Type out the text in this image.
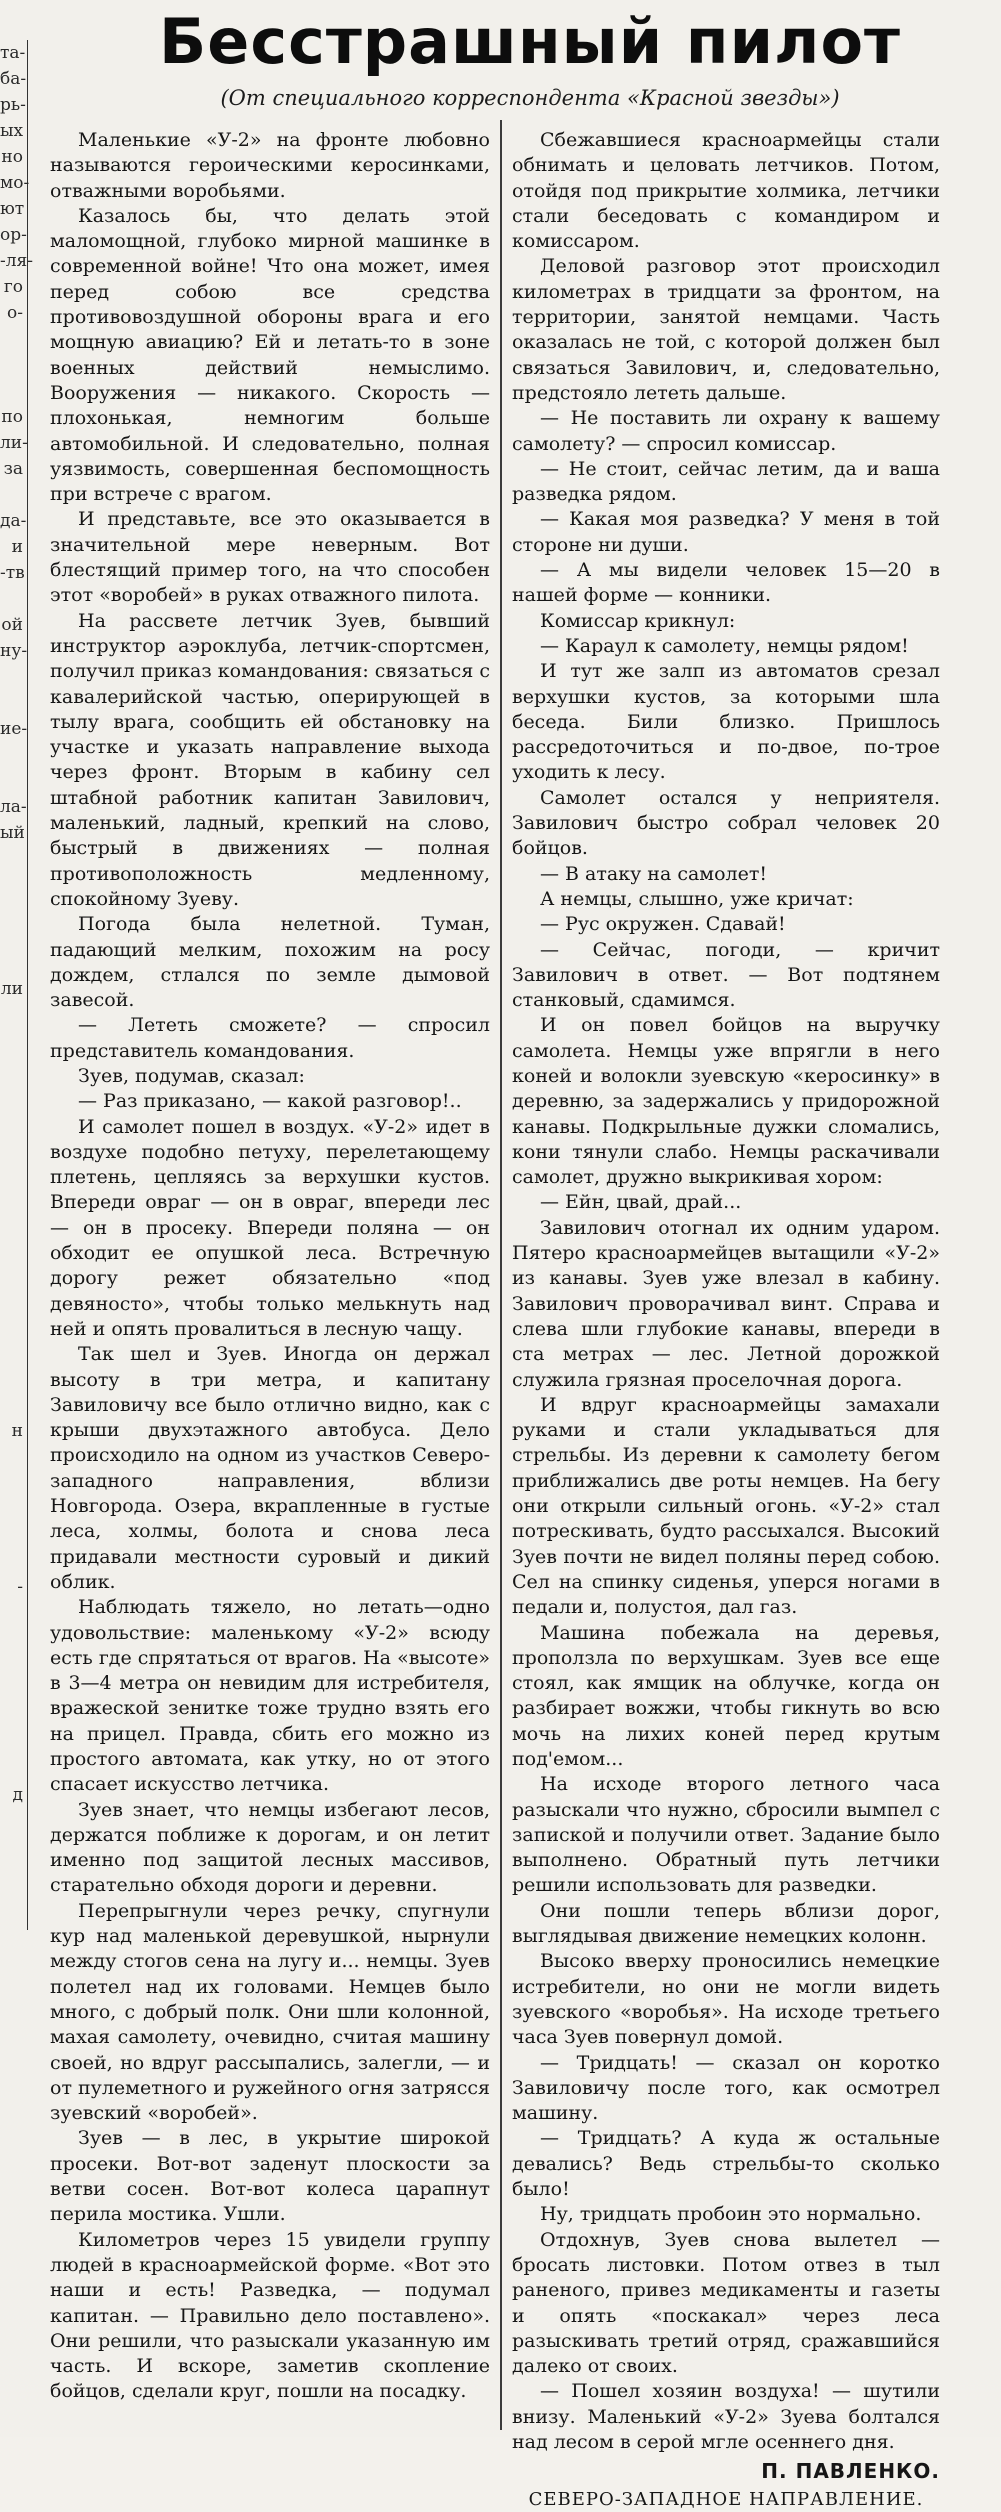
та-
ба-
рь-
ых
но
мо-
ют
ор-
-ля-
го
о-

по
ли-
за

да-
и
-тв

ой
ну-

ие-

ла-
ый

ли

н

-

д
Бесстрашный пилот
(От специального корреспондента «Красной звезды»)

Маленькие «У-2» на фронте любовно называются героическими керосинками, отважными воробьями.

Казалось бы, что делать этой маломощной, глубоко мирной машинке в современной войне! Что она может, имея перед собою все средства противовоздушной обороны врага и его мощную авиацию? Ей и летать-то в зоне военных действий немыслимо. Вооружения — никакого. Скорость — плохонькая, немногим больше автомобильной. И следовательно, полная уязвимость, совершенная беспомощность при встрече с врагом.

И представьте, все это оказывается в значительной мере неверным. Вот блестящий пример того, на что способен этот «воробей» в руках отважного пилота.

На рассвете летчик Зуев, бывший инструктор аэроклуба, летчик-спортсмен, получил приказ командования: связаться с кавалерийской частью, оперирующей в тылу врага, сообщить ей обстановку на участке и указать направление выхода через фронт. Вторым в кабину сел штабной работник капитан Завилович, маленький, ладный, крепкий на слово, быстрый в движениях — полная противоположность медленному, спокойному Зуеву.

Погода была нелетной. Туман, падающий мелким, похожим на росу дождем, стлался по земле дымовой завесой.

— Лететь сможете? — спросил представитель командования.

Зуев, подумав, сказал:

— Раз приказано, — какой разговор!..

И самолет пошел в воздух. «У-2» идет в воздухе подобно петуху, перелетающему плетень, цепляясь за верхушки кустов. Впереди овраг — он в овраг, впереди лес — он в просеку. Впереди поляна — он обходит ее опушкой леса. Встречную дорогу режет обязательно «под девяносто», чтобы только мелькнуть над ней и опять провалиться в лесную чащу.

Так шел и Зуев. Иногда он держал высоту в три метра, и капитану Завиловичу все было отлично видно, как с крыши двухэтажного автобуса. Дело происходило на одном из участков Северо-западного направления, вблизи Новгорода. Озера, вкрапленные в густые леса, холмы, болота и снова леса придавали местности суровый и дикий облик.

Наблюдать тяжело, но летать—одно удовольствие: маленькому «У-2» всюду есть где спрятаться от врагов. На «высоте» в 3—4 метра он невидим для истребителя, вражеской зенитке тоже трудно взять его на прицел. Правда, сбить его можно из простого автомата, как утку, но от этого спасает искусство летчика.

Зуев знает, что немцы избегают лесов, держатся поближе к дорогам, и он летит именно под защитой лесных массивов, старательно обходя дороги и деревни.

Перепрыгнули через речку, спугнули кур над маленькой деревушкой, нырнули между стогов сена на лугу и... немцы. Зуев полетел над их головами. Немцев было много, с добрый полк. Они шли колонной, махая самолету, очевидно, считая машину своей, но вдруг рассыпались, залегли, — и от пулеметного и ружейного огня затрясся зуевский «воробей».

Зуев — в лес, в укрытие широкой просеки. Вот-вот заденут плоскости за ветви сосен. Вот-вот колеса царапнут перила мостика. Ушли.

Километров через 15 увидели группу людей в красноармейской форме. «Вот это наши и есть! Разведка, — подумал капитан. — Правильно дело поставлено». Они решили, что разыскали указанную им часть. И вскоре, заметив скопление бойцов, сделали круг, пошли на посадку.

Сбежавшиеся красноармейцы стали обнимать и целовать летчиков. Потом, отойдя под прикрытие холмика, летчики стали беседовать с командиром и комиссаром.

Деловой разговор этот происходил километрах в тридцати за фронтом, на территории, занятой немцами. Часть оказалась не той, с которой должен был связаться Завилович, и, следовательно, предстояло лететь дальше.

— Не поставить ли охрану к вашему самолету? — спросил комиссар.

— Не стоит, сейчас летим, да и ваша разведка рядом.

— Какая моя разведка? У меня в той стороне ни души.

— А мы видели человек 15—20 в нашей форме — конники.

Комиссар крикнул:

— Караул к самолету, немцы рядом!

И тут же залп из автоматов срезал верхушки кустов, за которыми шла беседа. Били близко. Пришлось рассредоточиться и по-двое, по-трое уходить к лесу.

Самолет остался у неприятеля. Завилович быстро собрал человек 20 бойцов.

— В атаку на самолет!

А немцы, слышно, уже кричат:

— Рус окружен. Сдавай!

— Сейчас, погоди, — кричит Завилович в ответ. — Вот подтянем станковый, сдамимся.

И он повел бойцов на выручку самолета. Немцы уже впрягли в него коней и волокли зуевскую «керосинку» в деревню, за задержались у придорожной канавы. Подкрыльные дужки сломались, кони тянули слабо. Немцы раскачивали самолет, дружно выкрикивая хором:

— Ейн, цвай, драй...

Завилович отогнал их одним ударом. Пятеро красноармейцев вытащили «У-2» из канавы. Зуев уже влезал в кабину. Завилович проворачивал винт. Справа и слева шли глубокие канавы, впереди в ста метрах — лес. Летной дорожкой служила грязная проселочная дорога.

И вдруг красноармейцы замахали руками и стали укладываться для стрельбы. Из деревни к самолету бегом приближались две роты немцев. На бегу они открыли сильный огонь. «У-2» стал потрескивать, будто рассыхался. Высокий Зуев почти не видел поляны перед собою. Сел на спинку сиденья, уперся ногами в педали и, полустоя, дал газ.

Машина побежала на деревья, проползла по верхушкам. Зуев все еще стоял, как ямщик на облучке, когда он разбирает вожжи, чтобы гикнуть во всю мочь на лихих коней перед крутым под'емом...

На исходе второго летного часа разыскали что нужно, сбросили вымпел с запиской и получили ответ. Задание было выполнено. Обратный путь летчики решили использовать для разведки.

Они пошли теперь вблизи дорог, выглядывая движение немецких колонн.

Высоко вверху проносились немецкие истребители, но они не могли видеть зуевского «воробья». На исходе третьего часа Зуев повернул домой.

— Тридцать! — сказал он коротко Завиловичу после того, как осмотрел машину.

— Тридцать? А куда ж остальные девались? Ведь стрельбы-то сколько было!

Ну, тридцать пробоин это нормально.

Отдохнув, Зуев снова вылетел — бросать листовки. Потом отвез в тыл раненого, привез медикаменты и газеты и опять «поскакал» через леса разыскивать третий отряд, сражавшийся далеко от своих.

— Пошел хозяин воздуха! — шутили внизу. Маленький «У-2» Зуева болтался над лесом в серой мгле осеннего дня.

П. ПАВЛЕНКО.
СЕВЕРО-ЗАПАДНОЕ НАПРАВЛЕНИЕ.
